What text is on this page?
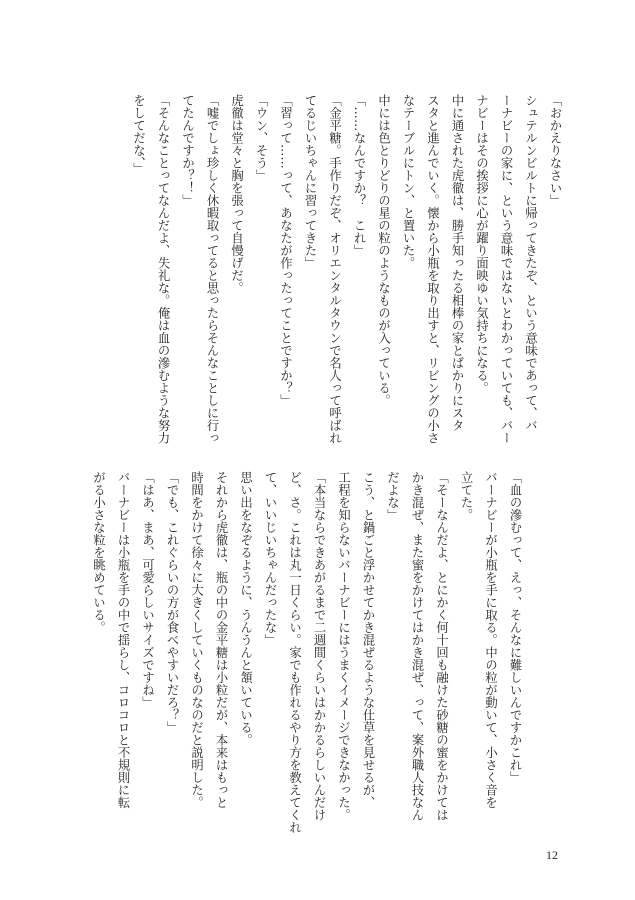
「おかえりなさい」
シュテルンビルトに帰ってきたぞ、という意味であって、バ
ーナビーの家に、という意味ではないとわかっていても、バー
ナビーはその挨拶に心が躍り面映ゆい気持ちになる。
中に通された虎徹は、勝手知ったる相棒の家とばかりにスタ
スタと進んでいく。懐から小瓶を取り出すと、リビングの小さ
なテーブルにトン、と置いた。
中には色とりどりの星の粒のようなものが入っている。
「……なんですか？　これ」
「金平糖。手作りだぞ、オリエンタルタウンで名人って呼ばれ
てるじいちゃんに習ってきた」
「習って……って、あなたが作ったってことですか？」
「ウン、そう」
虎徹は堂々と胸を張って自慢げだ。
「嘘でしょ珍しく休暇取ってると思ったらそんなことしに行っ
てたんですか？！」
「そんなことってなんだよ、失礼な。俺は血の滲むような努力
をしてだな、」
「血の滲むって、えっ、そんなに難しいんですかこれ」
バーナビーが小瓶を手に取る。中の粒が動いて、小さく音を
立てた。
「そーなんだよ、とにかく何十回も融けた砂糖の蜜をかけては
かき混ぜ、また蜜をかけてはかき混ぜ、って、案外職人技なん
だよな」
こう、と鍋ごと浮かせてかき混ぜるような仕草を見せるが、
工程を知らないバーナビーにはうまくイメージできなかった。
「本当ならできあがるまで二週間くらいはかかるらしいんだけ
ど、さ。これは丸一日くらい。家でも作れるやり方を教えてくれ
て、いいじいちゃんだったな」
思い出をなぞるように、うんうんと頷いている。
それから虎徹は、瓶の中の金平糖は小粒だが、本来はもっと
時間をかけて徐々に大きくしていくものなのだと説明した。
「でも、これぐらいの方が食べやすいだろ？」
「はあ、まあ、可愛らしいサイズですね」
バーナビーは小瓶を手の中で揺らし、コロコロと不規則に転
がる小さな粒を眺めている。
12
